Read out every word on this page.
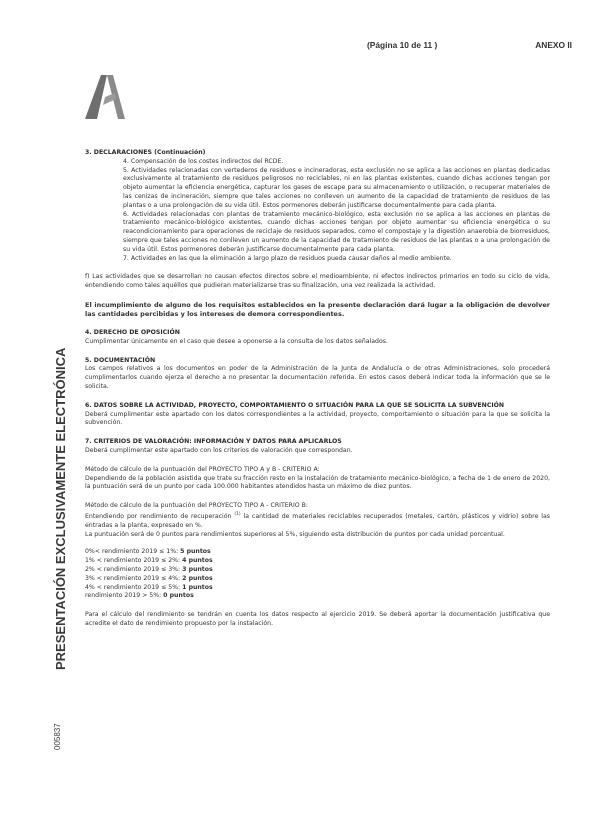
(Página 10 de 11 )	ANEXO II
PRESENTACIÓN EXCLUSIVAMENTE ELECTRÓNICA
005837

3. DECLARACIONES (Continuación)

4. Compensación de los costes indirectos del RCDE.

5. Actividades relacionadas con vertederos de residuos e incineradoras, esta exclusión no se aplica a las acciones en plantas dedicadas exclusivamente al tratamiento de residuos peligrosos no reciclables, ni en las plantas existentes, cuando dichas acciones tengan por objeto aumentar la eficiencia energética, capturar los gases de escape para su almacenamiento o utilización, o recuperar materiales de las cenizas de incineración, siempre que tales acciones no conlleven un aumento de la capacidad de tratamiento de residuos de las plantas o a una prolongación de su vida útil. Estos pormenores deberán justificarse documentalmente para cada planta.

6. Actividades relacionadas con plantas de tratamiento mecánico-biológico, esta exclusión no se aplica a las acciones en plantas de tratamiento mecánico-biológico existentes, cuando dichas acciones tengan por objeto aumentar su eficiencia energética o su reacondicionamiento para operaciones de reciclaje de residuos separados, como el compostaje y la digestión anaerobia de biorresiduos, siempre que tales acciones no conlleven un aumento de la capacidad de tratamiento de residuos de las plantas o a una prolongación de su vida útil. Estos pormenores deberán justificarse documentalmente para cada planta.

7. Actividades en las que la eliminación a largo plazo de residuos pueda causar daños al medio ambiente.

f) Las actividades que se desarrollan no causan efectos directos sobre el medioambiente, ni efectos indirectos primarios en todo su ciclo de vida, entendiendo como tales aquéllos que pudieran materializarse tras su finalización, una vez realizada la actividad.

El incumplimiento de alguno de los requisitos establecidos en la presente declaración dará lugar a la obligación de devolver las cantidades percibidas y los intereses de demora correspondientes.

4. DERECHO DE OPOSICIÓN

Cumplimentar únicamente en el caso que desee a oponerse a la consulta de los datos señalados.

5. DOCUMENTACIÓN

Los campos relativos a los documentos en poder de la Administración de la Junta de Andalucía o de otras Administraciones, solo procederá cumplimentarlos cuando ejerza el derecho a no presentar la documentación referida. En estos casos deberá indicar toda la información que se le solicita.

6. DATOS SOBRE LA ACTIVIDAD, PROYECTO, COMPORTAMIENTO O SITUACIÓN PARA LA QUE SE SOLICITA LA SUBVENCIÓN

Deberá cumplimentar este apartado con los datos correspondientes a la actividad, proyecto, comportamiento o situación para la que se solicita la subvención.

7. CRITERIOS DE VALORACIÓN: INFORMACIÓN Y DATOS PARA APLICARLOS

Deberá cumplimentar este apartado con los criterios de valoración que correspondan.

Método de cálculo de la puntuación del PROYECTO TIPO A y B - CRITERIO A:

Dependiendo de la población asistida que trate su fracción resto en la instalación de tratamiento mecánico-biológico, a fecha de 1 de enero de 2020, la puntuación será de un punto por cada 100.000 habitantes atendidos hasta un máximo de diez puntos.

Método de cálculo de la puntuación del PROYECTO TIPO A - CRITERIO B:

Entendiendo por rendimiento de recuperación $^{(1)}$ la cantidad de materiales reciclables recuperados (metales, cartón, plásticos y vidrio) sobre las entradas a la planta, expresado en %.

La puntuación será de 0 puntos para rendimientos superiores al 5%, siguiendo esta distribución de puntos por cada unidad porcentual.

0%< rendimiento 2019 ≤ 1%: 5 puntos

1% < rendimiento 2019 ≤ 2%: 4 puntos

2% < rendimiento 2019 ≤ 3%: 3 puntos

3% < rendimiento 2019 ≤ 4%: 2 puntos

4% < rendimiento 2019 ≤ 5%: 1 puntos

rendimiento 2019 > 5%: 0 puntos

Para el cálculo del rendimiento se tendrán en cuenta los datos respecto al ejercicio 2019. Se deberá aportar la documentación justificativa que acredite el dato de rendimiento propuesto por la instalación.
